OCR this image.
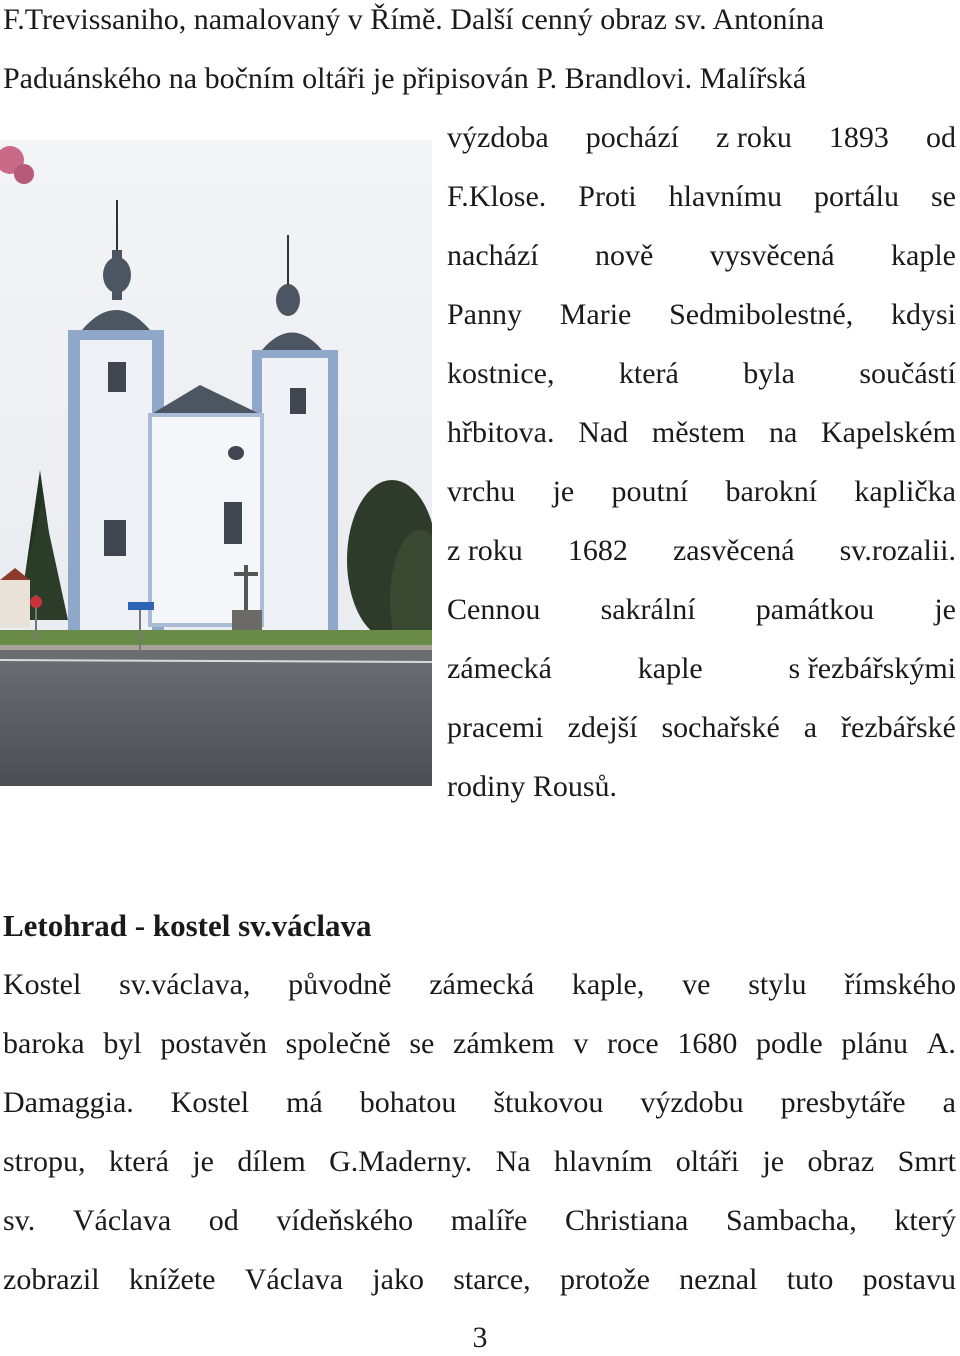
F.Trevissaniho, namalovaný v Římě. Další cenný obraz sv. Antonína
Paduánského na bočním oltáři je připisován P. Brandlovi. Malířská
výzdoba pochází z roku 1893 od
F.Klose. Proti hlavnímu portálu se
nachází nově vysvěcená kaple
Panny Marie Sedmibolestné, kdysi
kostnice, která byla součástí
hřbitova. Nad městem na Kapelském
vrchu je poutní barokní kaplička
z roku 1682 zasvěcená sv.rozalii.
Cennou sakrální památkou je
zámecká	kaple	s řezbářskými
pracemi zdejší sochařské a řezbářské
rodiny Rousů.
Letohrad - kostel sv.václava
Kostel sv.václava, původně zámecká kaple, ve stylu římského
baroka byl postavěn společně se zámkem v roce 1680 podle plánu A.
Damaggia. Kostel má bohatou štukovou výzdobu presbytáře a
stropu, která je dílem G.Maderny. Na hlavním oltáři je obraz Smrt
sv. Václava od vídeňského malíře Christiana Sambacha, který
zobrazil knížete Václava jako starce, protože neznal tuto postavu
3
